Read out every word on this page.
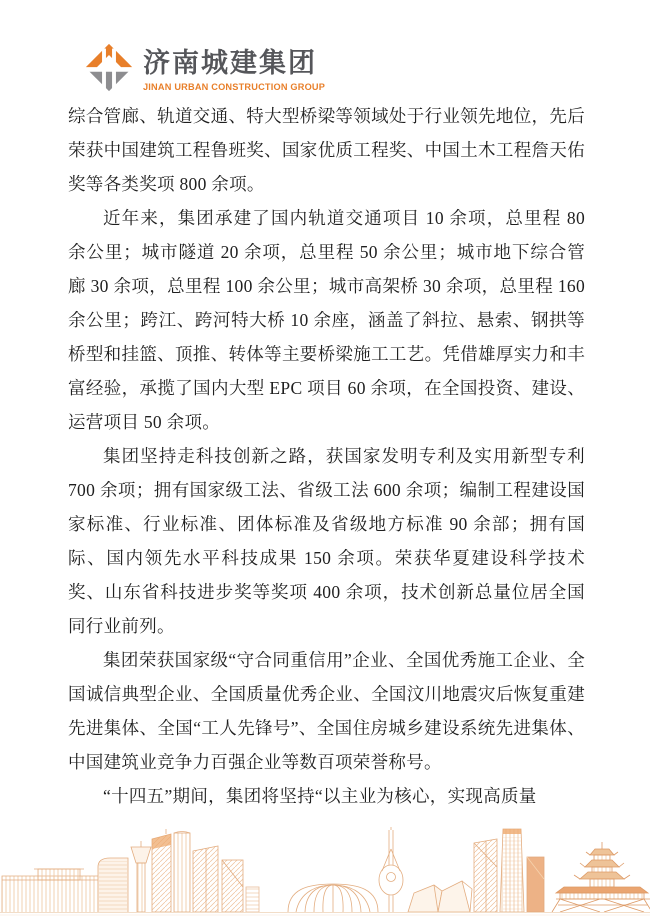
济南城建集团
JINAN URBAN CONSTRUCTION GROUP

综合管廊、轨道交通、特大型桥梁等领域处于行业领先地位，先后荣获中国建筑工程鲁班奖、国家优质工程奖、中国土木工程詹天佑奖等各类奖项 800 余项。

近年来，集团承建了国内轨道交通项目 10 余项，总里程 80 余公里；城市隧道 20 余项，总里程 50 余公里；城市地下综合管廊 30 余项，总里程 100 余公里；城市高架桥 30 余项，总里程 160 余公里；跨江、跨河特大桥 10 余座，涵盖了斜拉、悬索、钢拱等桥型和挂篮、顶推、转体等主要桥梁施工工艺。凭借雄厚实力和丰富经验，承揽了国内大型 EPC 项目 60 余项，在全国投资、建设、运营项目 50 余项。

集团坚持走科技创新之路，获国家发明专利及实用新型专利 700 余项；拥有国家级工法、省级工法 600 余项；编制工程建设国家标准、行业标准、团体标准及省级地方标准 90 余部；拥有国际、国内领先水平科技成果 150 余项。荣获华夏建设科学技术奖、山东省科技进步奖等奖项 400 余项，技术创新总量位居全国同行业前列。

集团荣获国家级“守合同重信用”企业、全国优秀施工企业、全国诚信典型企业、全国质量优秀企业、全国汶川地震灾后恢复重建先进集体、全国“工人先锋号”、全国住房城乡建设系统先进集体、中国建筑业竞争力百强企业等数百项荣誉称号。

“十四五”期间，集团将坚持“以主业为核心，实现高质量
